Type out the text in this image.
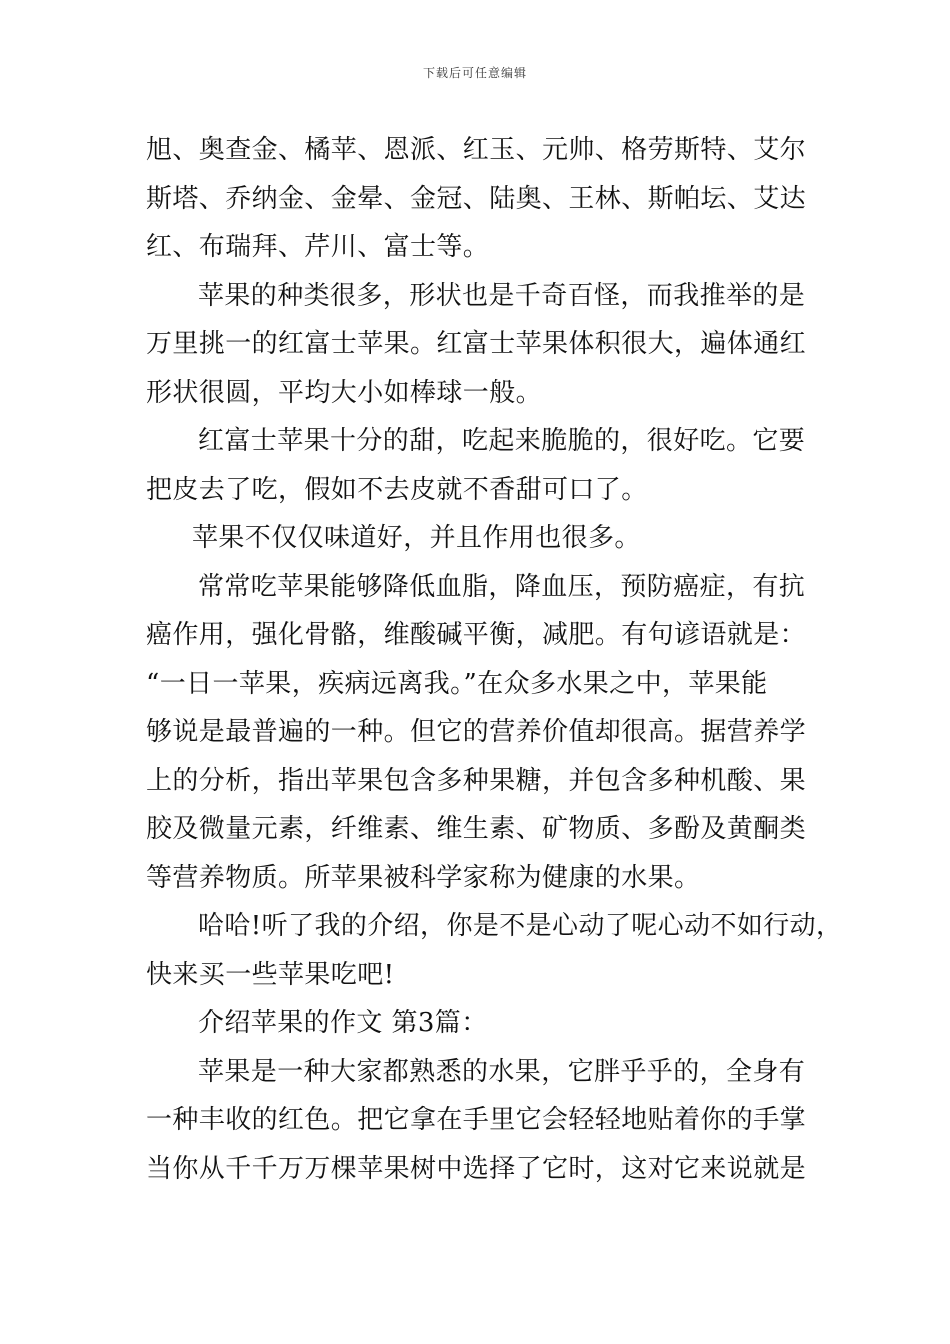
下载后可任意编辑
旭、奥查金、橘苹、恩派、红玉、元帅、格劳斯特、艾尔
斯塔、乔纳金、金晕、金冠、陆奥、王林、斯帕坛、艾达
红、布瑞拜、芹川、富士等。
苹果的种类很多，形状也是千奇百怪，而我推举的是
万里挑一的红富士苹果。红富士苹果体积很大，遍体通红
形状很圆，平均大小如棒球一般。
红富士苹果十分的甜，吃起来脆脆的，很好吃。它要
把皮去了吃，假如不去皮就不香甜可口了。
苹果不仅仅味道好，并且作用也很多。
常常吃苹果能够降低血脂，降血压，预防癌症，有抗
癌作用，强化骨骼，维酸碱平衡，减肥。有句谚语就是：
“一日一苹果，疾病远离我。”在众多水果之中，苹果能
够说是最普遍的一种。但它的营养价值却很高。据营养学
上的分析，指出苹果包含多种果糖，并包含多种机酸、果
胶及微量元素，纤维素、维生素、矿物质、多酚及黄酮类
等营养物质。所苹果被科学家称为健康的水果。
哈哈!听了我的介绍，你是不是心动了呢心动不如行动，
快来买一些苹果吃吧!
介绍苹果的作文 第3篇：
苹果是一种大家都熟悉的水果，它胖乎乎的，全身有
一种丰收的红色。把它拿在手里它会轻轻地贴着你的手掌
当你从千千万万棵苹果树中选择了它时，这对它来说就是
